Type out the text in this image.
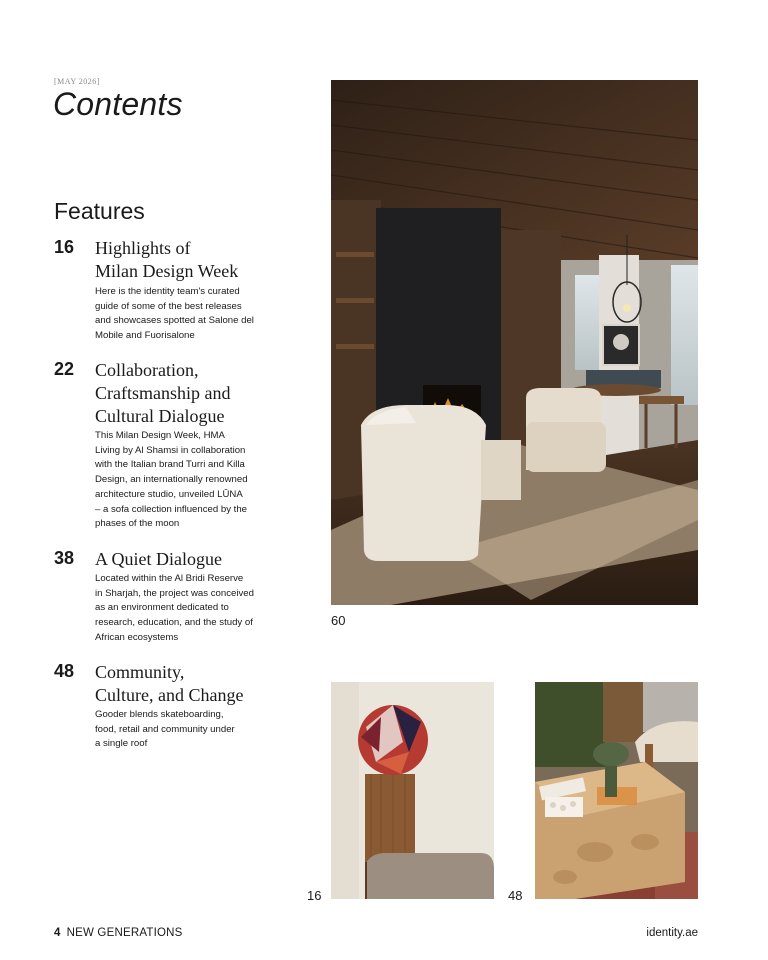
[MAY 2026]
Contents
Features
16 Highlights of
Milan Design Week
Here is the identity team's curated
guide of some of the best releases
and showcases spotted at Salone del
Mobile and Fuorisalone
22 Collaboration,
Craftsmanship and
Cultural Dialogue
This Milan Design Week, HMA
Living by Al Shamsi in collaboration
with the Italian brand Turri and Killa
Design, an internationally renowned
architecture studio, unveiled LŪNA
– a sofa collection influenced by the
phases of the moon
38 A Quiet Dialogue
Located within the Al Bridi Reserve
in Sharjah, the project was conceived
as an environment dedicated to
research, education, and the study of
African ecosystems
48 Community,
Culture, and Change
Gooder blends skateboarding,
food, retail and community under
a single roof
60
16	48
4 NEW GENERATIONS	identity.ae
